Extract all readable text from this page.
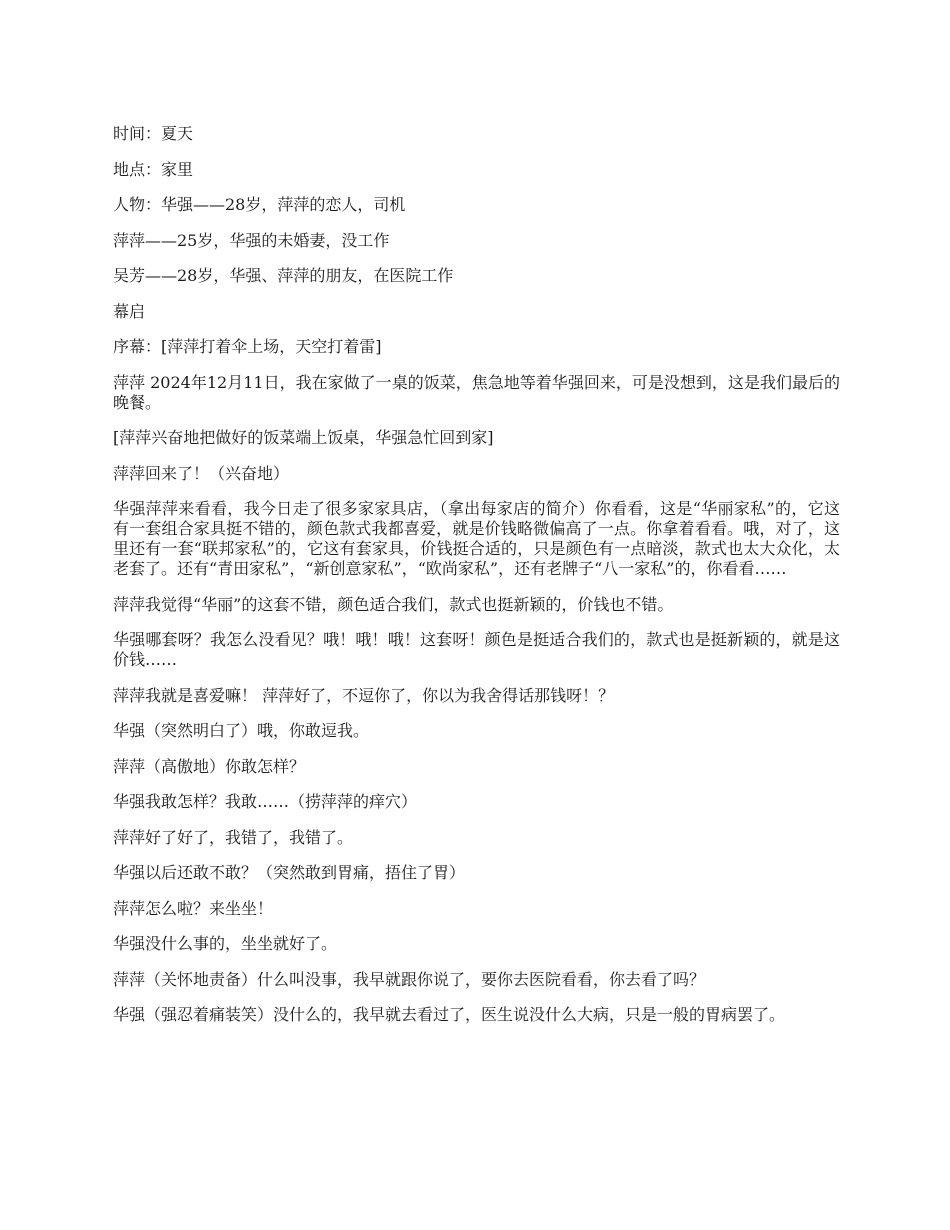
时间：夏天

地点：家里

人物：华强——28岁，萍萍的恋人，司机

萍萍——25岁，华强的未婚妻，没工作

吴芳——28岁，华强、萍萍的朋友，在医院工作

幕启

序幕：[萍萍打着伞上场，天空打着雷]

萍萍 2024年12月11日，我在家做了一桌的饭菜，焦急地等着华强回来，可是没想到，这是我们最后的晚餐。

[萍萍兴奋地把做好的饭菜端上饭桌，华强急忙回到家]

萍萍回来了！（兴奋地）

华强萍萍来看看，我今日走了很多家家具店，（拿出每家店的简介）你看看，这是“华丽家私”的，它这有一套组合家具挺不错的，颜色款式我都喜爱，就是价钱略微偏高了一点。你拿着看看。哦，对了，这里还有一套“联邦家私”的，它这有套家具，价钱挺合适的，只是颜色有一点暗淡，款式也太大众化，太老套了。还有“青田家私”，“新创意家私”，“欧尚家私”，还有老牌子“八一家私”的，你看看……

萍萍我觉得“华丽”的这套不错，颜色适合我们，款式也挺新颖的，价钱也不错。

华强哪套呀？我怎么没看见？哦！哦！哦！这套呀！颜色是挺适合我们的，款式也是挺新颖的，就是这价钱……

萍萍我就是喜爱嘛！ 萍萍好了，不逗你了，你以为我舍得话那钱呀！？

华强（突然明白了）哦，你敢逗我。

萍萍（高傲地）你敢怎样？

华强我敢怎样？我敢……（捞萍萍的痒穴）

萍萍好了好了，我错了，我错了。

华强以后还敢不敢？（突然敢到胃痛，捂住了胃）

萍萍怎么啦？来坐坐！

华强没什么事的，坐坐就好了。

萍萍（关怀地责备）什么叫没事，我早就跟你说了，要你去医院看看，你去看了吗？

华强（强忍着痛装笑）没什么的，我早就去看过了，医生说没什么大病，只是一般的胃病罢了。
